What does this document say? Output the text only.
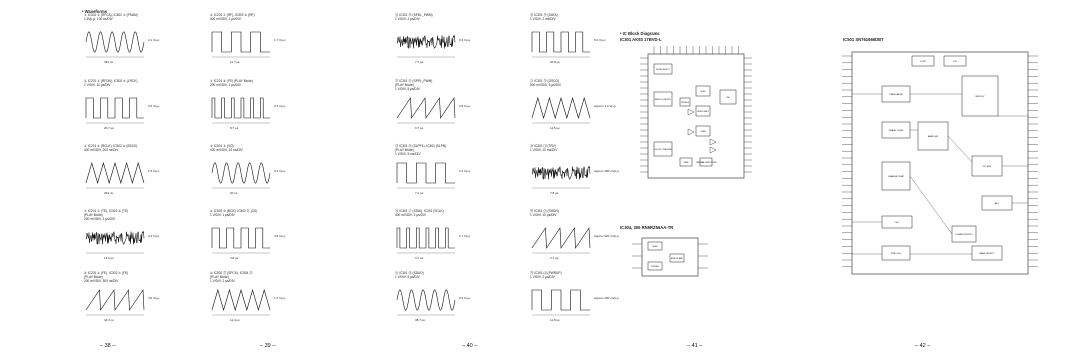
– 38 –	– 39 –	– 40 –	– 41 –	– 42 –
• Waveforms
• IC Block Diagrams
IC301 AK93 17BVD-L
IC304, 305 RN5RZ56AA-TR
IC501 SN761666DBT
① IC301 ② (RFCA), IC502 ③ (PSAM)
1.5Vp-p, 100 ns/DIV
2.1 Vp-p
333 ns
② IC201 ⑦ (RFDN), IC502 ⑧ (LRCK)
1 V/DIV, 10 µs/DIV
2.6 Vp-p
20.7 µs
③ IC201 ⑧ (RCLK), IC502 ⑨ (BSCK)
400 mV/DIV, 200 ns/DIV
1.5 Vp-p
294 ns
④ IC201 ① (TE), IC302 ② (TE)
(PLAY Mode)
200 mV/DIV, 1 µs/DIV
2.4 Vp-p
11.6 µs
⑤ IC201 ② (FE), IC302 ③ (FE)
(PLAY Mode)
200 mV/DIV, 500 ns/DIV
4.6 Vp-p
44.3 ns
⑥ IC201 ⑦ (RF), IC502 ⑧ (RF)
400 mV/DIV, 1 µs/DIV
1.7 Vp-p
11.7 µs
⑦ IC201 ⑧ (FE) (PLAY Mode)
200 mV/DIV, 1 µs/DIV
2.3 Vp-p
8.7 µs
⑧ IC501 ⑨ (XO)
400 mV/DIV, 20 ns/DIV
3.4 Vp-p
20 ns
⑨ IC502 ⑩ (BCK), IC502 ⑪ (CK)
1 V/DIV, 1 µs/DIV
4.8 Vp-p
3.8 µs
⑩ IC502 ⑫ (SPCK), IC504 ⑬
(PLAY Mode)
1 V/DIV, 2 µs/DIV
1.2 Vp-p
11.4 µs
⑪ IC301 ⑭ (SPDL_PWM)
1 V/DIV, 2 µs/DIV
3.3 Vp-p
7.7 µs
⑫ IC301 ⑮ (SPPL_PWM)
(PLAY Mode)
1 V/DIV, 5 µs/DIV
2.8 Vp-p
9.7 µs
⑬ IC301 ⑯ (SLPPL), IC301 (SLPN)
(PLAY Mode)
1 V/DIV, 5 ms/DIV
3.1 Vp-p
7.4 µs
⑭ IC301 ⑰ (SDAI), IC301 (SCLK)
400 mV/DIV, 2 µs/DIV
2.7 Vp-p
3.7 µs
⑮ IC301 ⑱ (SDAO)
1 V/DIV, 5 µs/DIV
2.5 Vp-p
38.7 µs
⑯ IC301 ⑲ (DATA)
1 V/DIV, 2 ms/DIV
5.0 Vp-p
20.8 µs
⑰ IC301 ⑳ (OSCO)
500 mV/DIV, 5 µs/DIV
Approx 1.4 Vp-p
11.5 µs
⑱ IC301 ⑴ (TRV)
1 V/DIV, 10 ms/DIV
Approx 260 mVp-p
7.8 µs
⑲ IC301 ⑵ (SHDN)
1 V/DIV, 10 µs/DIV
Approx 520 mVp-p
2.7 µs
⑳ IC301 ⑶ (PWRUP)
1 V/DIV, 2 µs/DIV
Approx 200 mVp-p
11.8 µs
MODE SELECT
SERVO CONTROL
FOCUS / TRACKING
SPINDLE
SLED
LEVEL SHIFT
PWM
SW
VREF	THERMAL SHUTDOWN
VREF
ERROR AMP
DRIVER
LOOP	DIV
PRESCALER
PHASE COMP
CHARGE PUMP
BAND SW
REF DIV
I2C BUS
OSC
POWER SUPPLY
ADC
XTAL OSC	BAND SELECT
